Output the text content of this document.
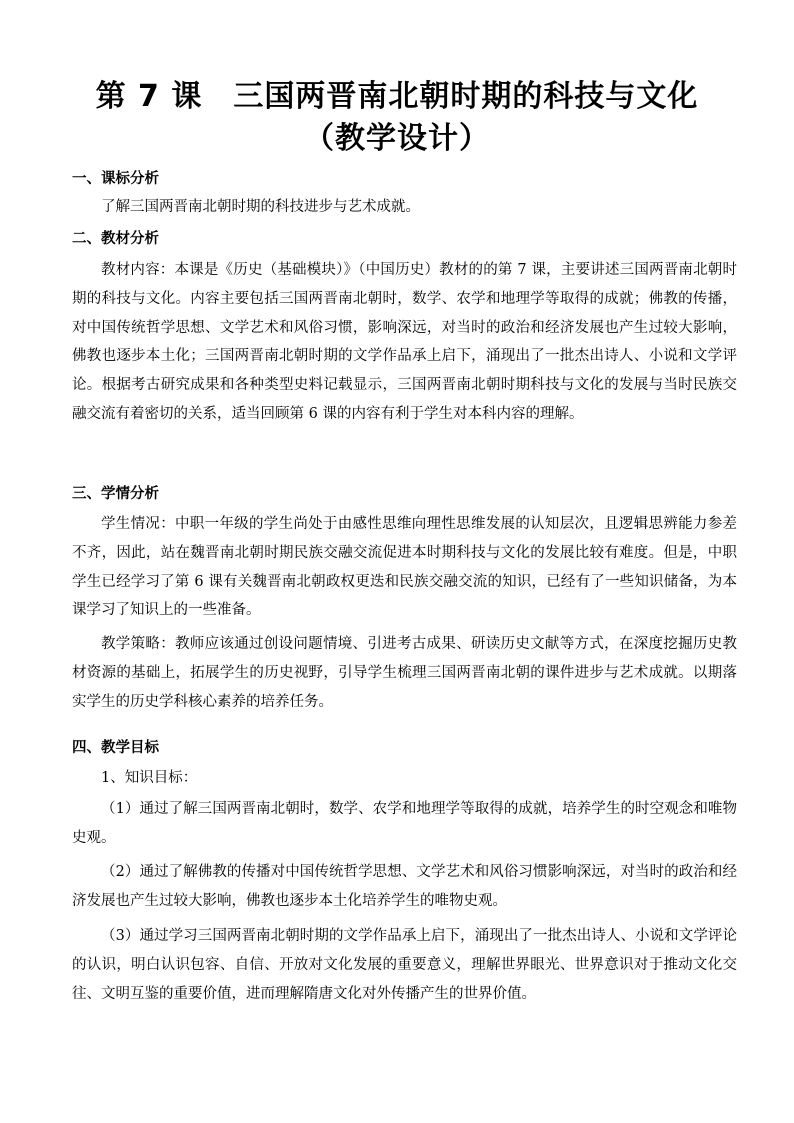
第 7 课　三国两晋南北朝时期的科技与文化
（教学设计）
一、课标分析
了解三国两晋南北朝时期的科技进步与艺术成就。
二、教材分析
教材内容：本课是《历史（基础模块）》（中国历史）教材的的第 7 课，主要讲述三国两晋南北朝时期的科技与文化。内容主要包括三国两晋南北朝时，数学、农学和地理学等取得的成就；佛教的传播，对中国传统哲学思想、文学艺术和风俗习惯，影响深远，对当时的政治和经济发展也产生过较大影响，佛教也逐步本土化；三国两晋南北朝时期的文学作品承上启下，涌现出了一批杰出诗人、小说和文学评论。根据考古研究成果和各种类型史料记载显示，三国两晋南北朝时期科技与文化的发展与当时民族交融交流有着密切的关系，适当回顾第 6 课的内容有利于学生对本科内容的理解。
三、学情分析
学生情况：中职一年级的学生尚处于由感性思维向理性思维发展的认知层次，且逻辑思辨能力参差不齐，因此，站在魏晋南北朝时期民族交融交流促进本时期科技与文化的发展比较有难度。但是，中职学生已经学习了第 6 课有关魏晋南北朝政权更迭和民族交融交流的知识，已经有了一些知识储备，为本课学习了知识上的一些准备。
教学策略：教师应该通过创设问题情境、引进考古成果、研读历史文献等方式，在深度挖掘历史教材资源的基础上，拓展学生的历史视野，引导学生梳理三国两晋南北朝的课件进步与艺术成就。以期落实学生的历史学科核心素养的培养任务。
四、教学目标
1、知识目标：
（1）通过了解三国两晋南北朝时，数学、农学和地理学等取得的成就，培养学生的时空观念和唯物史观。
（2）通过了解佛教的传播对中国传统哲学思想、文学艺术和风俗习惯影响深远，对当时的政治和经济发展也产生过较大影响，佛教也逐步本土化培养学生的唯物史观。
（3）通过学习三国两晋南北朝时期的文学作品承上启下，涌现出了一批杰出诗人、小说和文学评论的认识，明白认识包容、自信、开放对文化发展的重要意义，理解世界眼光、世界意识对于推动文化交往、文明互鉴的重要价值，进而理解隋唐文化对外传播产生的世界价值。
